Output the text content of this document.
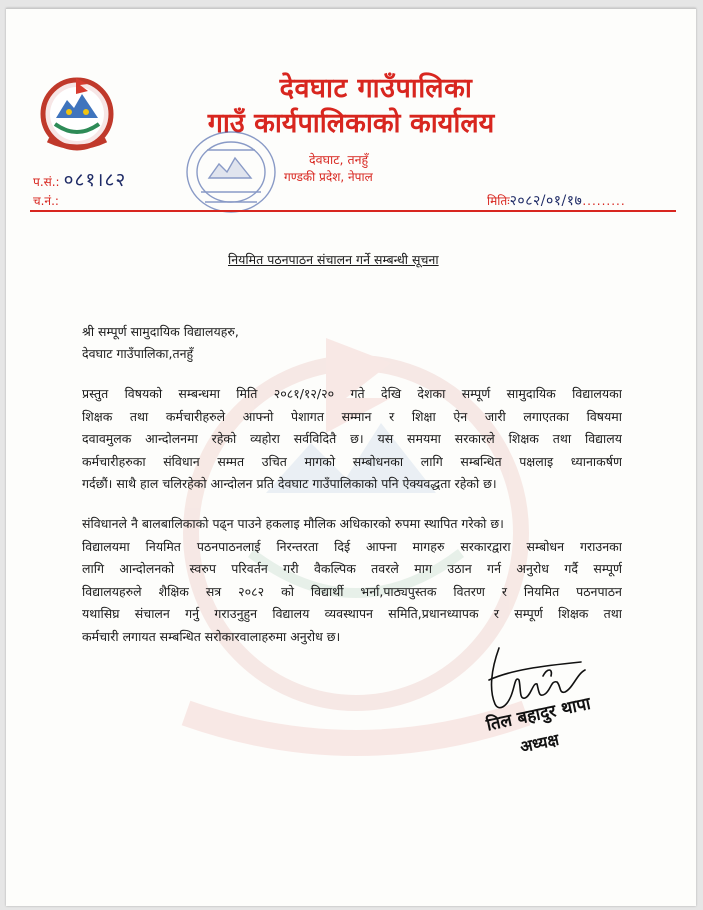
देवघाट गाउँपालिका
गाउँ कार्यपालिकाको कार्यालय
देवघाट, तनहुँ
गण्डकी प्रदेश, नेपाल
प.सं.: ०८१।८२
च.नं.:	मितिः२०८२/०१/१७.........
नियमित पठनपाठन संचालन गर्ने सम्बन्धी सूचना
श्री सम्पूर्ण सामुदायिक विद्यालयहरु,
देवघाट गाउँपालिका,तनहुँ
प्रस्तुत विषयको सम्बन्धमा मिति २०८१/१२/२० गते देखि देशका सम्पूर्ण सामुदायिक विद्यालयका
शिक्षक तथा कर्मचारीहरुले आफ्नो पेशागत सम्मान र शिक्षा ऐन जारी लगाएतका विषयमा
दवावमुलक आन्दोलनमा रहेको व्यहोरा सर्वविदितै छ। यस समयमा सरकारले शिक्षक तथा विद्यालय
कर्मचारीहरुका संविधान सम्मत उचित मागको सम्बोधनका लागि सम्बन्धित पक्षलाइ ध्यानाकर्षण
गर्दछौं। साथै हाल चलिरहेको आन्दोलन प्रति देवघाट गाउँपालिकाको पनि ऐक्यवद्धता रहेको छ।
संविधानले नै बालबालिकाको पढ्न पाउने हकलाइ मौलिक अधिकारको रुपमा स्थापित गरेको छ।
विद्यालयमा नियमित पठनपाठनलाई निरन्तरता दिई आफ्ना मागहरु सरकारद्वारा सम्बोधन गराउनका
लागि आन्दोलनको स्वरुप परिवर्तन गरी वैकल्पिक तवरले माग उठान गर्न अनुरोध गर्दै सम्पूर्ण
विद्यालयहरुले शैक्षिक सत्र २०८२ को विद्यार्थी भर्ना,पाठ्यपुस्तक वितरण र नियमित पठनपाठन
यथासिघ्र संचालन गर्नु गराउनुहुन विद्यालय व्यवस्थापन समिति,प्रधानध्यापक र सम्पूर्ण शिक्षक तथा
कर्मचारी लगायत सम्बन्धित सरोकारवालाहरुमा अनुरोध छ।
तिल बहादुर थापा
अध्यक्ष
